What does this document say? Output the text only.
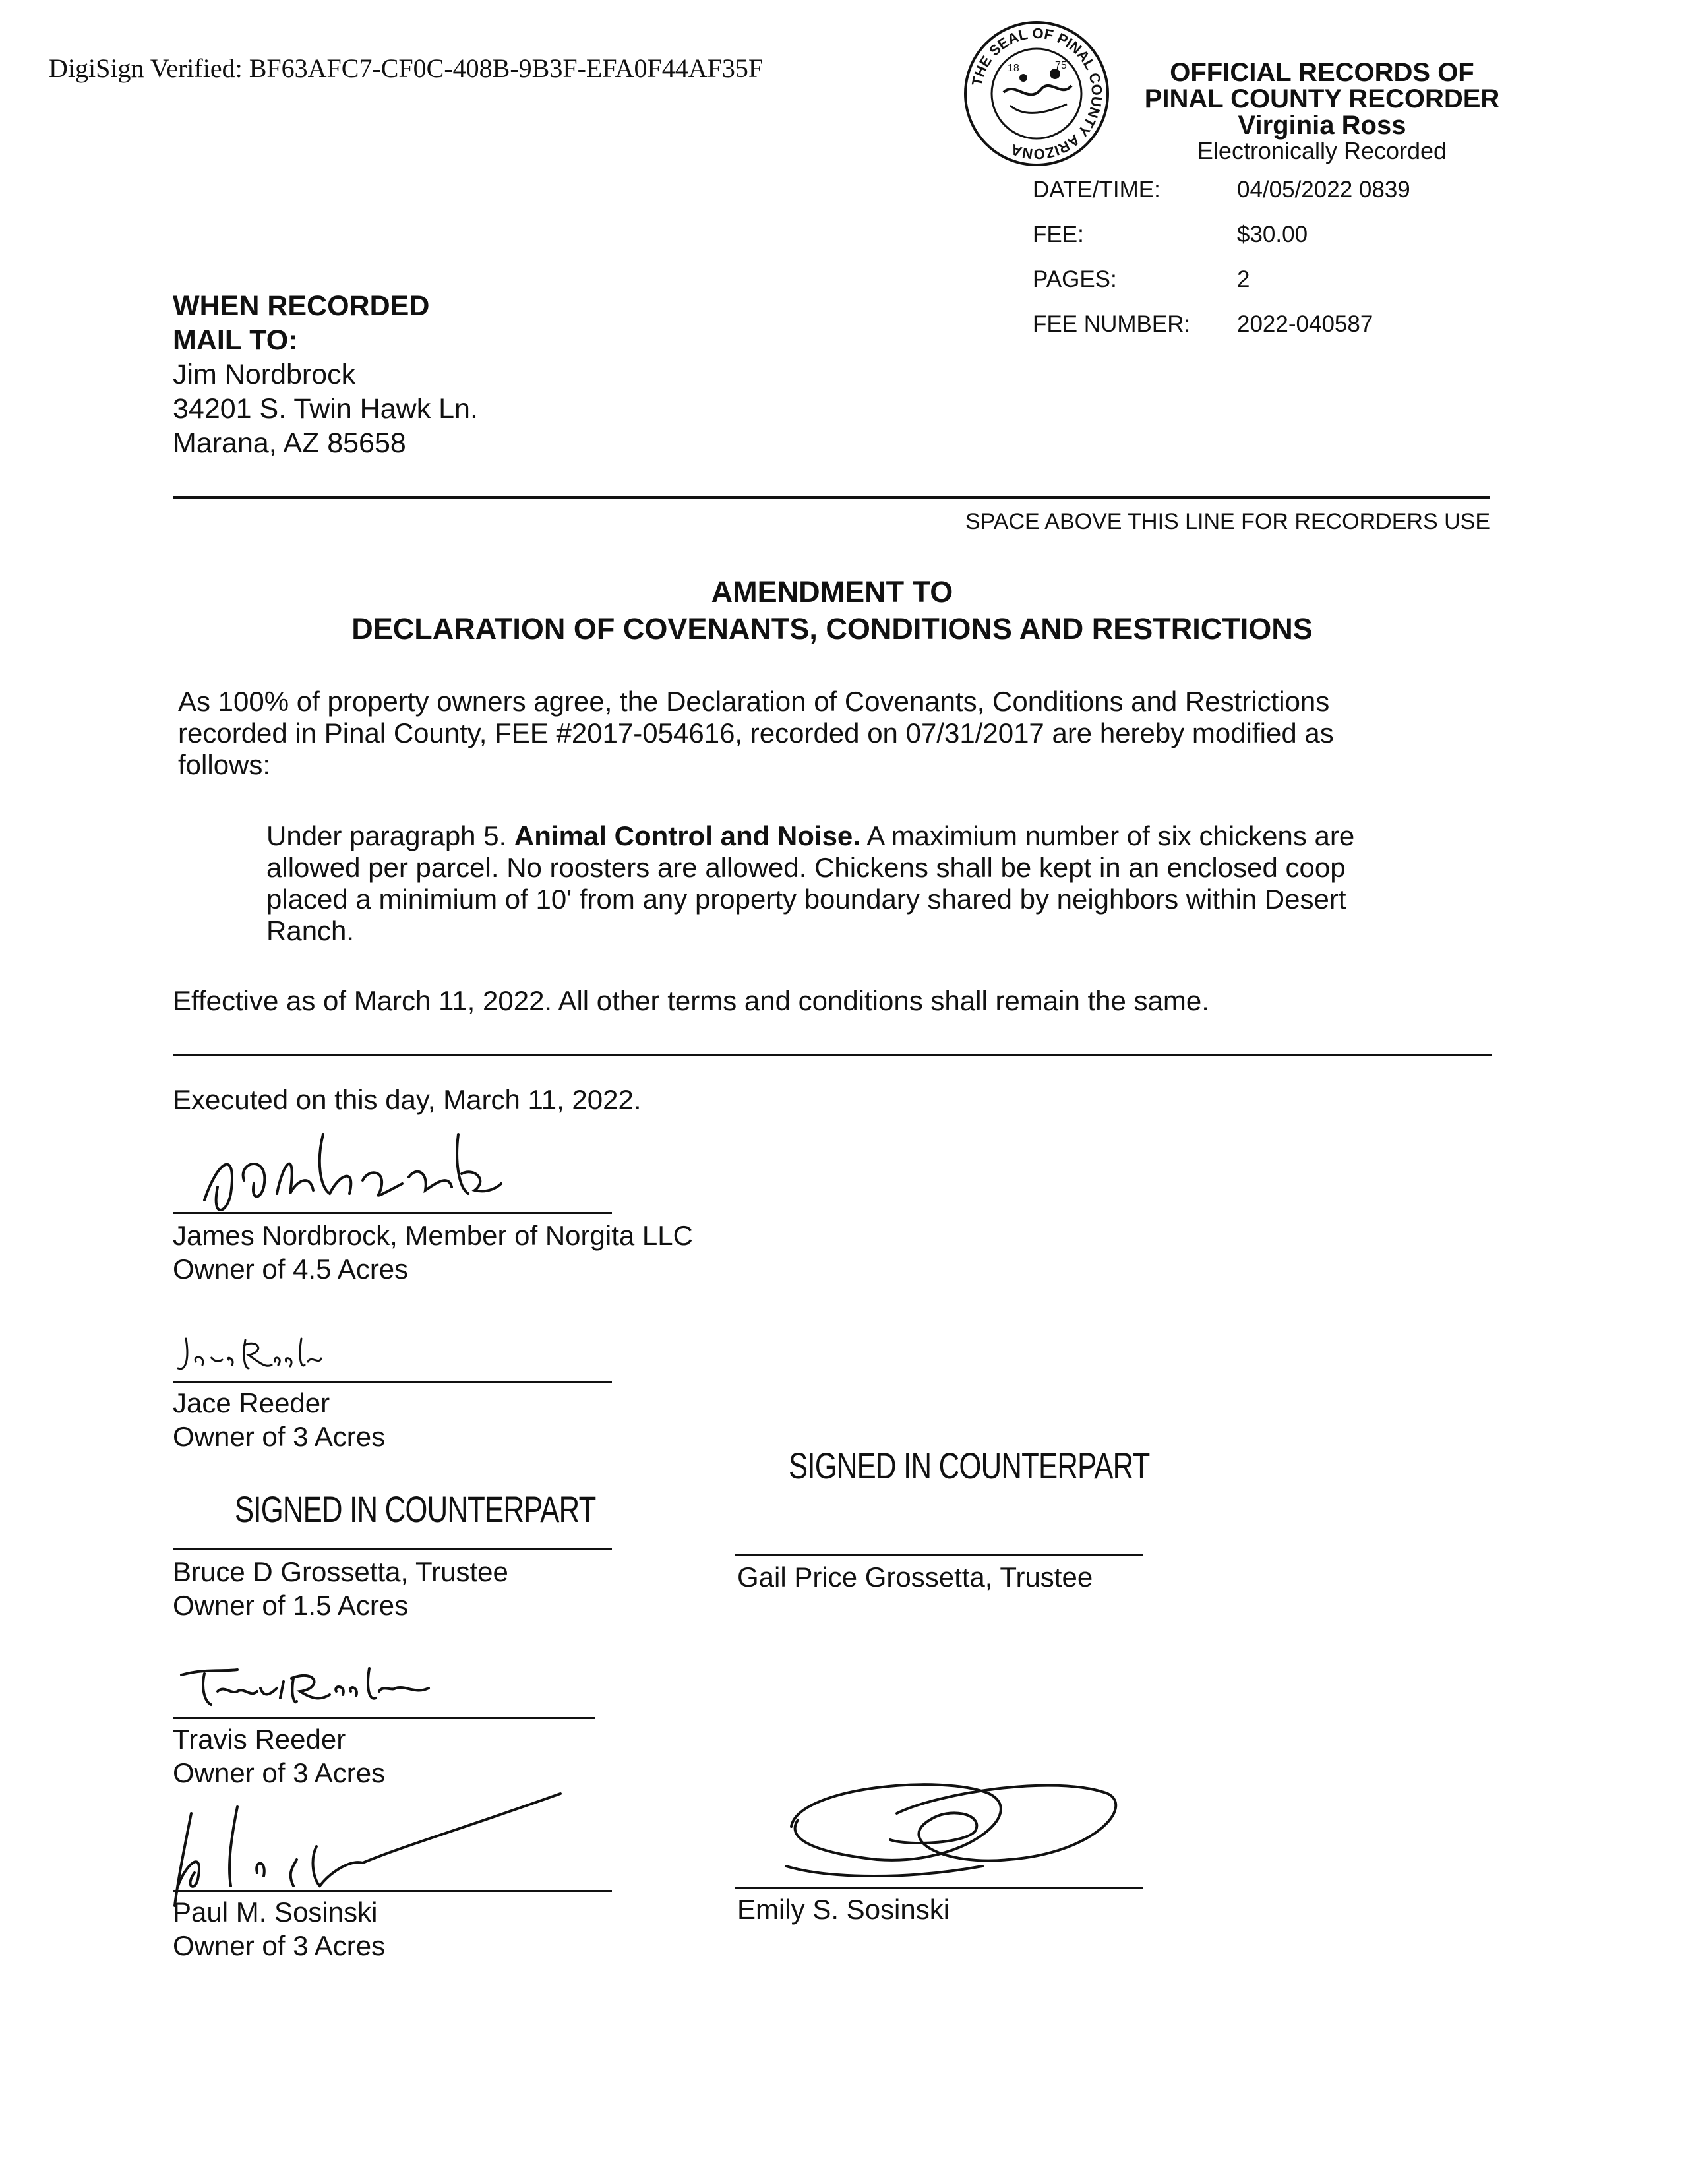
DigiSign Verified: BF63AFC7-CF0C-408B-9B3F-EFA0F44AF35F	THE SEAL OF PINAL COUNTY ARIZONA
18	75	OFFICIAL RECORDS OF
PINAL COUNTY RECORDER
Virginia Ross
Electronically Recorded
DATE/TIME:	04/05/2022 0839
FEE:	$30.00
PAGES:	2
FEE NUMBER: 2022-040587
WHEN RECORDED
MAIL TO:
Jim Nordbrock
34201 S. Twin Hawk Ln.
Marana, AZ 85658
SPACE ABOVE THIS LINE FOR RECORDERS USE
AMENDMENT TO
DECLARATION OF COVENANTS, CONDITIONS AND RESTRICTIONS
As 100% of property owners agree, the Declaration of Covenants, Conditions and Restrictions
recorded in Pinal County, FEE #2017-054616, recorded on 07/31/2017 are hereby modified as
follows:
Under paragraph 5. Animal Control and Noise. A maximium number of six chickens are
allowed per parcel. No roosters are allowed. Chickens shall be kept in an enclosed coop
placed a minimium of 10' from any property boundary shared by neighbors within Desert
Ranch.
Effective as of March 11, 2022. All other terms and conditions shall remain the same.
Executed on this day, March 11, 2022.
James Nordbrock, Member of Norgita LLC
Owner of 4.5 Acres
Jace Reeder
Owner of 3 Acres
SIGNED IN COUNTERPART
Bruce D Grossetta, Trustee
Owner of 1.5 Acres
SIGNED IN COUNTERPART
Gail Price Grossetta, Trustee
Travis Reeder
Owner of 3 Acres
Paul M. Sosinski
Owner of 3 Acres
Emily S. Sosinski
